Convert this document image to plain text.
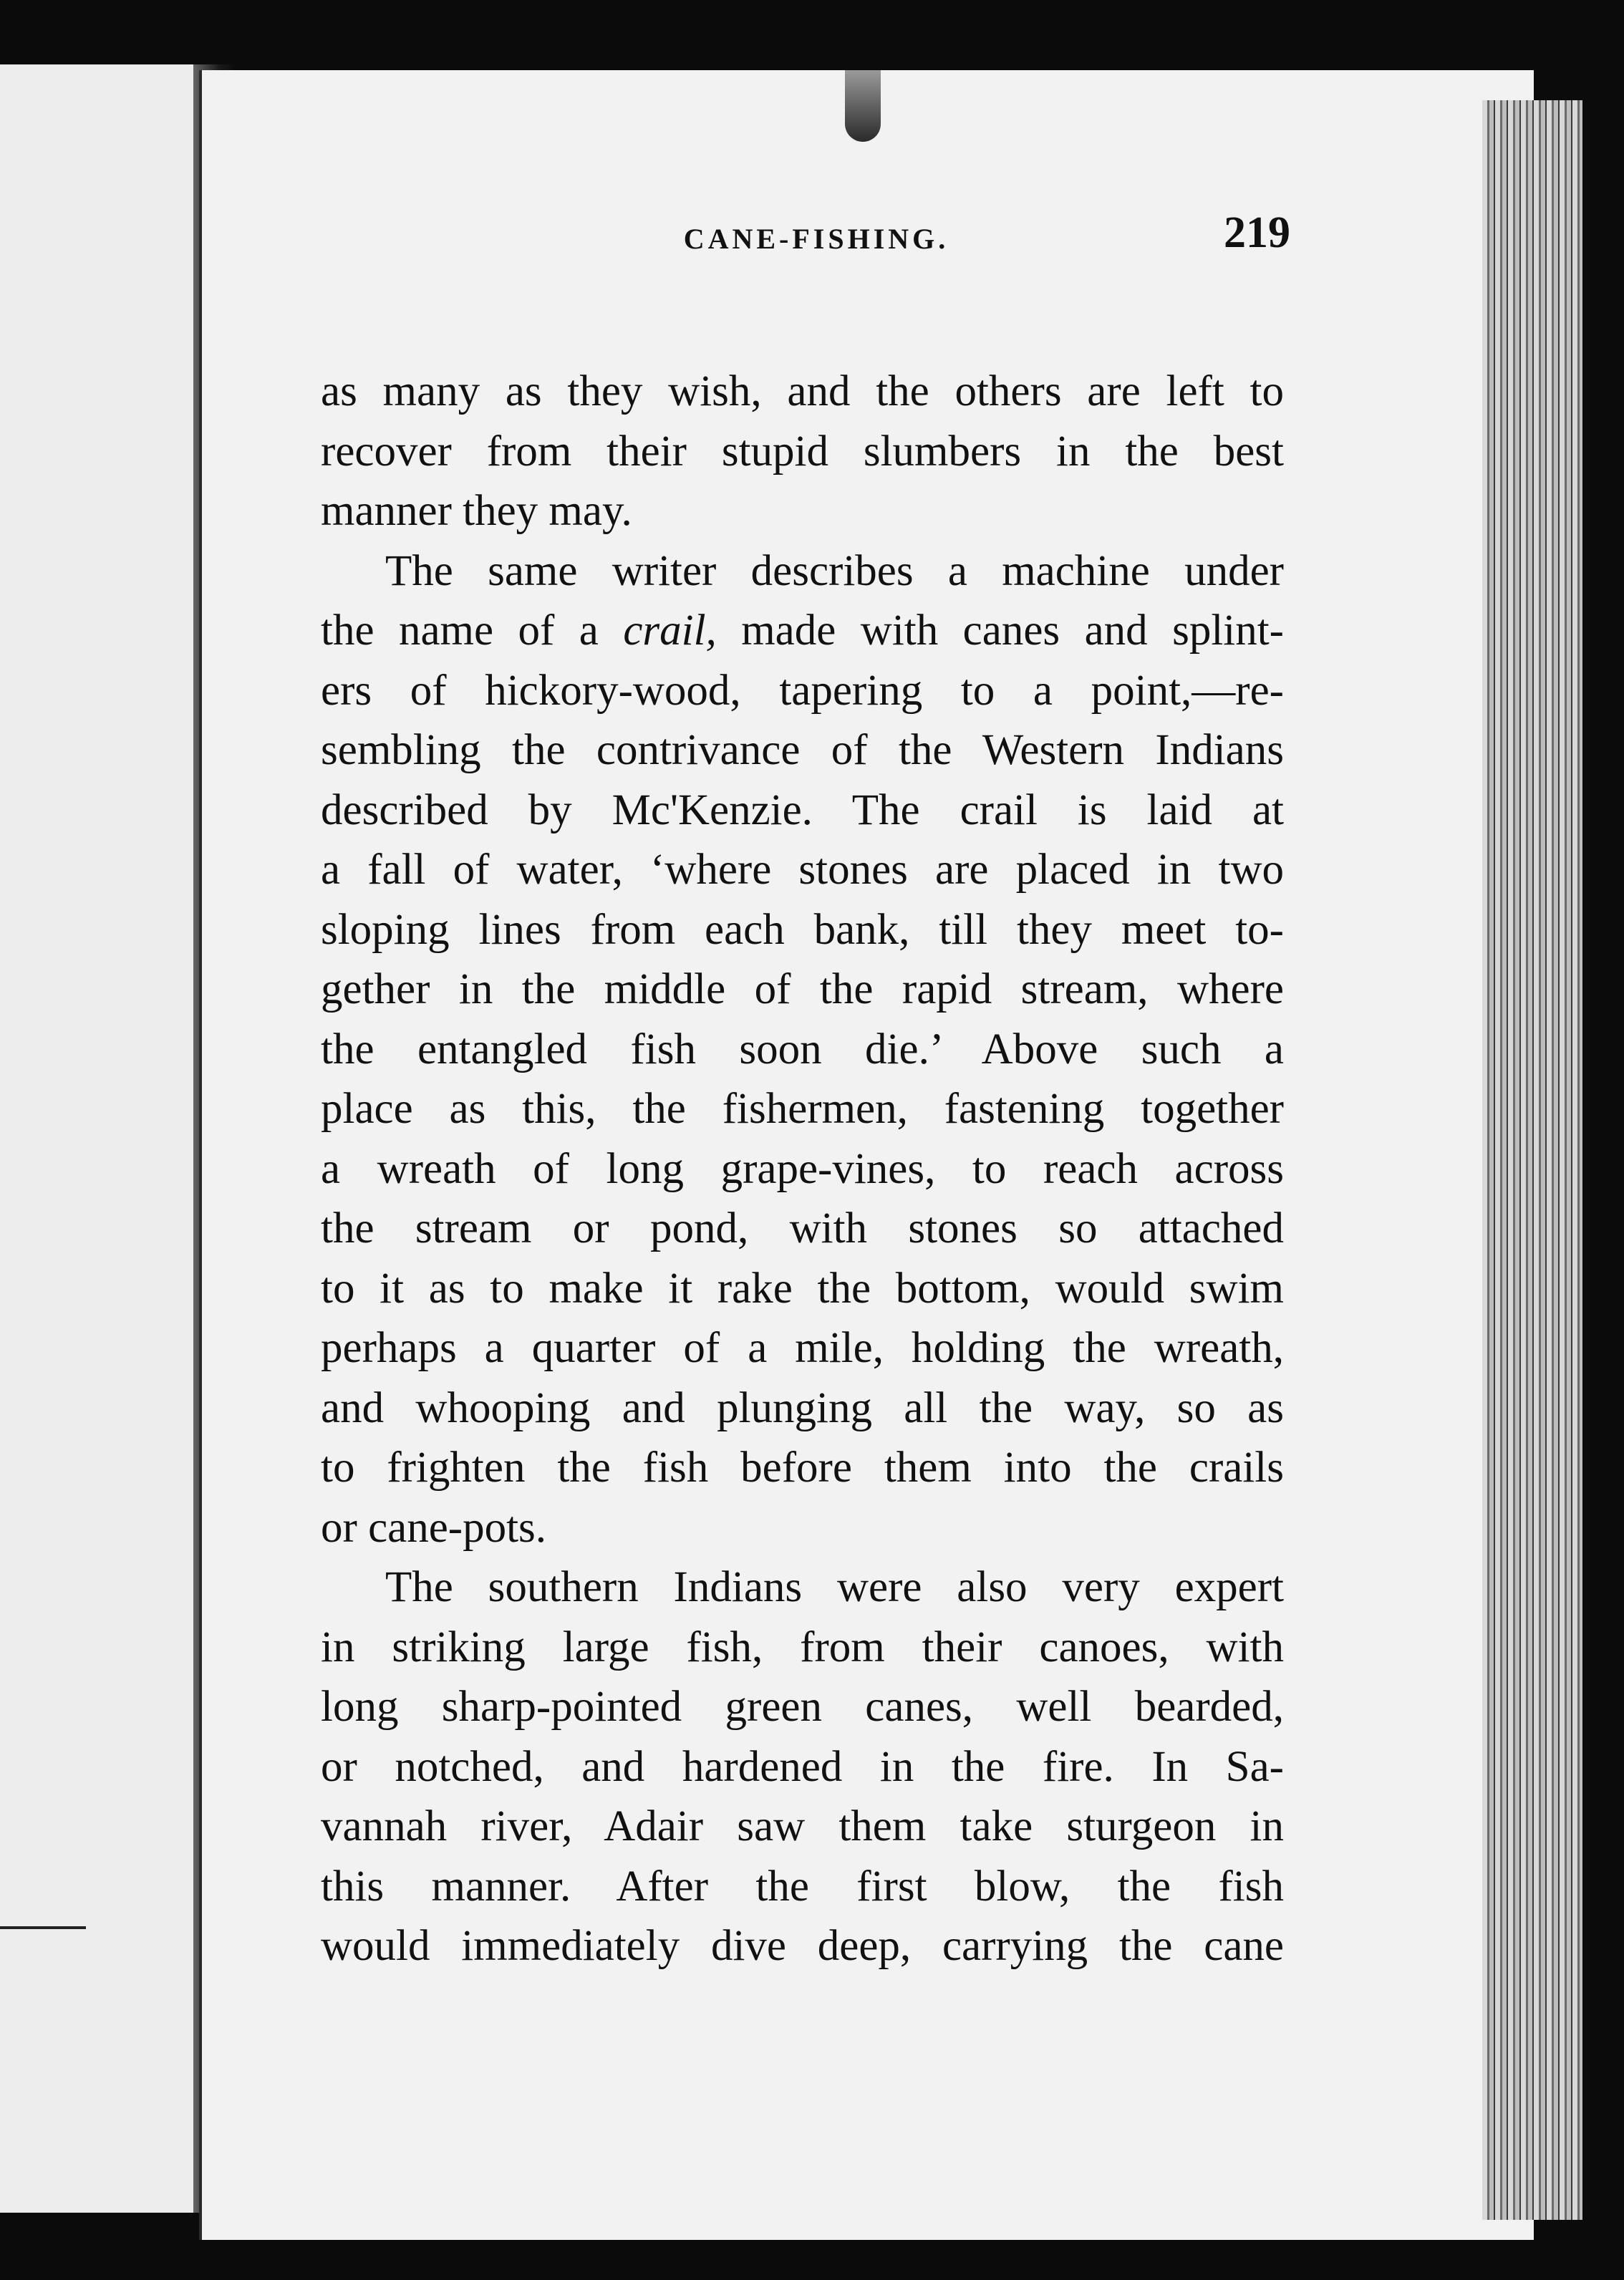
CANE-FISHING.	219
as many as they wish, and the others are left to
recover from their stupid slumbers in the best
manner they may.
The same writer describes a machine under
the name of a crail, made with canes and splint-
ers of hickory-wood, tapering to a point,—re-
sembling the contrivance of the Western Indians
described by Mc'Kenzie. The crail is laid at
a fall of water, ‘where stones are placed in two
sloping lines from each bank, till they meet to-
gether in the middle of the rapid stream, where
the entangled fish soon die.’ Above such a
place as this, the fishermen, fastening together
a wreath of long grape-vines, to reach across
the stream or pond, with stones so attached
to it as to make it rake the bottom, would swim
perhaps a quarter of a mile, holding the wreath,
and whooping and plunging all the way, so as
to frighten the fish before them into the crails
or cane-pots.
The southern Indians were also very expert
in striking large fish, from their canoes, with
long sharp-pointed green canes, well bearded,
or notched, and hardened in the fire. In Sa-
vannah river, Adair saw them take sturgeon in
this manner. After the first blow, the fish
would immediately dive deep, carrying the cane
